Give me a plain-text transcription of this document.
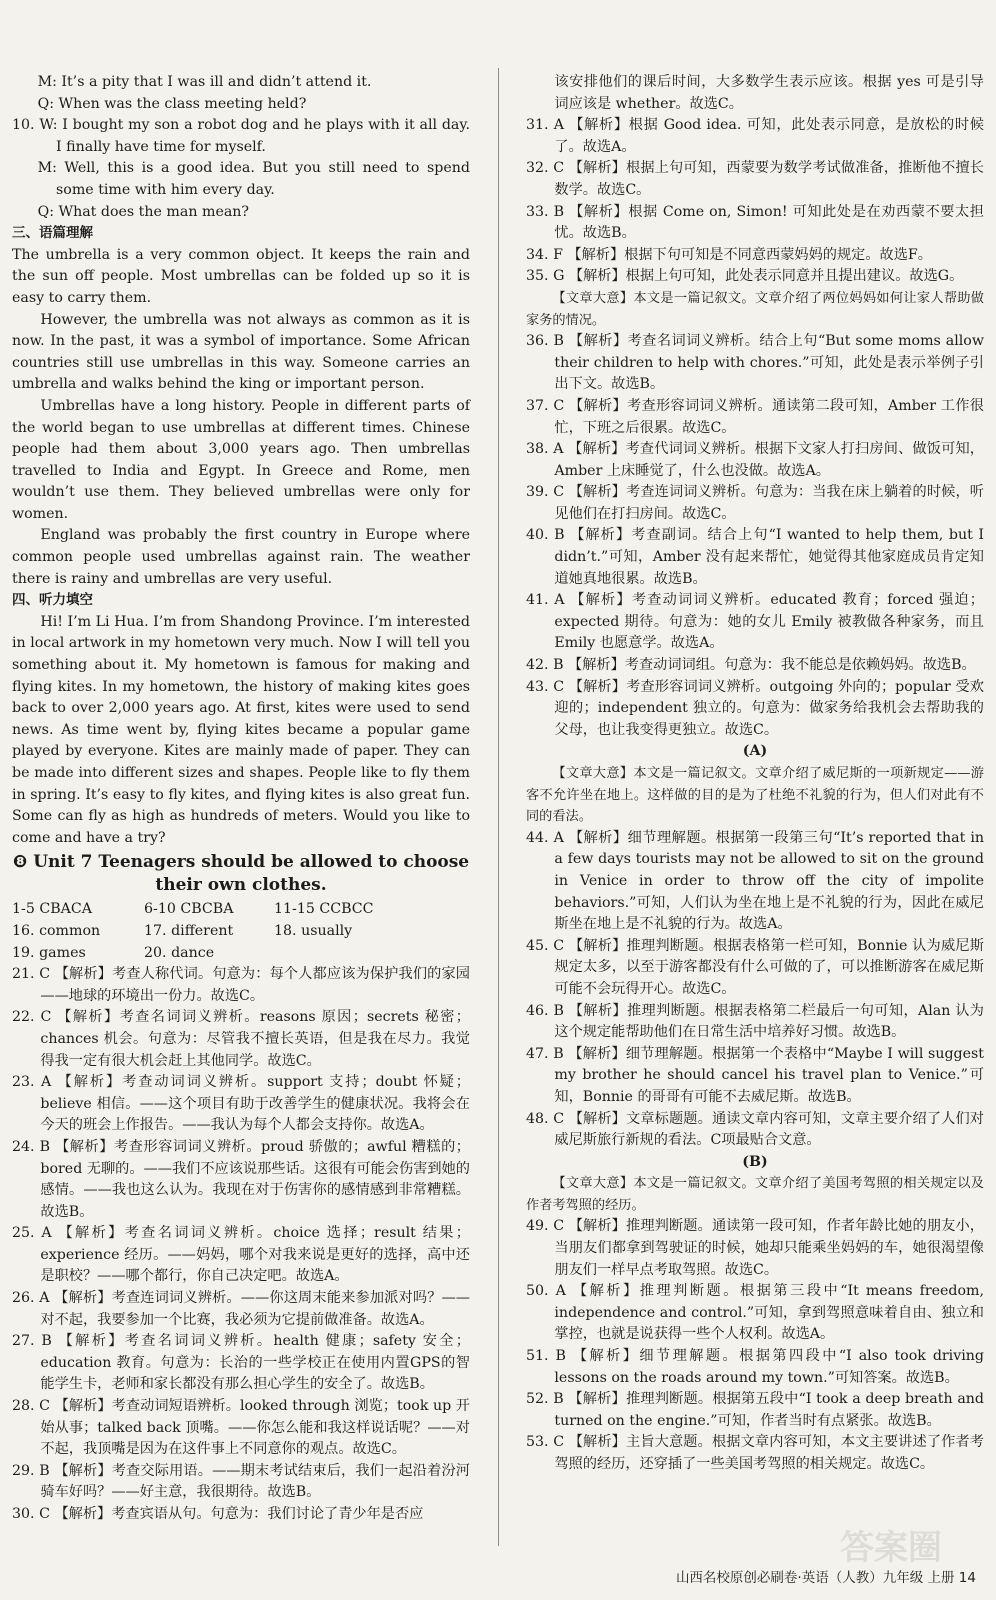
M: It’s a pity that I was ill and didn’t attend it.

Q: When was the class meeting held?

10. W: I bought my son a robot dog and he plays with it all day. I finally have time for myself.

M: Well, this is a good idea. But you still need to spend some time with him every day.

Q: What does the man mean?

三、语篇理解

The umbrella is a very common object. It keeps the rain and the sun off people. Most umbrellas can be folded up so it is easy to carry them.

However, the umbrella was not always as common as it is now. In the past, it was a symbol of importance. Some African countries still use umbrellas in this way. Someone carries an umbrella and walks behind the king or important person.

Umbrellas have a long history. People in different parts of the world began to use umbrellas at different times. Chinese people had them about 3,000 years ago. Then umbrellas travelled to India and Egypt. In Greece and Rome, men wouldn’t use them. They believed umbrellas were only for women.

England was probably the first country in Europe where common people used umbrellas against rain. The weather there is rainy and umbrellas are very useful.

四、听力填空

Hi! I’m Li Hua. I’m from Shandong Province. I’m interested in local artwork in my hometown very much. Now I will tell you something about it. My hometown is famous for making and flying kites. In my hometown, the history of making kites goes back to over 2,000 years ago. At first, kites were used to send news. As time went by, flying kites became a popular game played by everyone. Kites are mainly made of paper. They can be made into different sizes and shapes. People like to fly them in spring. It’s easy to fly kites, and flying kites is also great fun. Some can fly as high as hundreds of meters. Would you like to come and have a try?

❽ Unit 7 Teenagers should be allowed to choose their own clothes.
1-5 CBACA	6-10 CBCBA	11-15 CCBCC
16. common	17. different	18. usually
19. games	20. dance

21. C 【解析】考查人称代词。句意为：每个人都应该为保护我们的家园——地球的环境出一份力。故选C。

22. C 【解析】考查名词词义辨析。reasons 原因；secrets 秘密；chances 机会。句意为：尽管我不擅长英语，但是我在尽力。我觉得我一定有很大机会赶上其他同学。故选C。

23. A 【解析】考查动词词义辨析。support 支持；doubt 怀疑；believe 相信。——这个项目有助于改善学生的健康状况。我将会在今天的班会上作报告。——我认为每个人都会支持你。故选A。

24. B 【解析】考查形容词词义辨析。proud 骄傲的；awful 糟糕的；bored 无聊的。——我们不应该说那些话。这很有可能会伤害到她的感情。——我也这么认为。我现在对于伤害你的感情感到非常糟糕。故选B。

25. A 【解析】考查名词词义辨析。choice 选择；result 结果；experience 经历。——妈妈，哪个对我来说是更好的选择，高中还是职校？——哪个都行，你自己决定吧。故选A。

26. A 【解析】考查连词词义辨析。——你这周末能来参加派对吗？——对不起，我要参加一个比赛，我必须为它提前做准备。故选A。

27. B 【解析】考查名词词义辨析。health 健康；safety 安全；education 教育。句意为：长治的一些学校正在使用内置GPS的智能学生卡，老师和家长都没有那么担心学生的安全了。故选B。

28. C 【解析】考查动词短语辨析。looked through 浏览；took up 开始从事；talked back 顶嘴。——你怎么能和我这样说话呢？——对不起，我顶嘴是因为在这件事上不同意你的观点。故选C。

29. B 【解析】考查交际用语。——期末考试结束后，我们一起沿着汾河骑车好吗？——好主意，我很期待。故选B。

30. C 【解析】考查宾语从句。句意为：我们讨论了青少年是否应

该安排他们的课后时间，大多数学生表示应该。根据 yes 可是引导词应该是 whether。故选C。

31. A 【解析】根据 Good idea. 可知，此处表示同意，是放松的时候了。故选A。

32. C 【解析】根据上句可知，西蒙要为数学考试做准备，推断他不擅长数学。故选C。

33. B 【解析】根据 Come on, Simon! 可知此处是在劝西蒙不要太担忧。故选B。

34. F 【解析】根据下句可知是不同意西蒙妈妈的规定。故选F。

35. G 【解析】根据上句可知，此处表示同意并且提出建议。故选G。

【文章大意】本文是一篇记叙文。文章介绍了两位妈妈如何让家人帮助做家务的情况。

36. B 【解析】考查名词词义辨析。结合上句“But some moms allow their children to help with chores.”可知，此处是表示举例子引出下文。故选B。

37. C 【解析】考查形容词词义辨析。通读第二段可知，Amber 工作很忙，下班之后很累。故选C。

38. A 【解析】考查代词词义辨析。根据下文家人打扫房间、做饭可知，Amber 上床睡觉了，什么也没做。故选A。

39. C 【解析】考查连词词义辨析。句意为：当我在床上躺着的时候，听见他们在打扫房间。故选C。

40. B 【解析】考查副词。结合上句“I wanted to help them, but I didn’t.”可知，Amber 没有起来帮忙，她觉得其他家庭成员肯定知道她真地很累。故选B。

41. A 【解析】考查动词词义辨析。educated 教育；forced 强迫；expected 期待。句意为：她的女儿 Emily 被教做各种家务，而且 Emily 也愿意学。故选A。

42. B 【解析】考查动词词组。句意为：我不能总是依赖妈妈。故选B。

43. C 【解析】考查形容词词义辨析。outgoing 外向的；popular 受欢迎的；independent 独立的。句意为：做家务给我机会去帮助我的父母，也让我变得更独立。故选C。

(A)

【文章大意】本文是一篇记叙文。文章介绍了威尼斯的一项新规定——游客不允许坐在地上。这样做的目的是为了杜绝不礼貌的行为，但人们对此有不同的看法。

44. A 【解析】细节理解题。根据第一段第三句“It’s reported that in a few days tourists may not be allowed to sit on the ground in Venice in order to throw off the city of impolite behaviors.”可知，人们认为坐在地上是不礼貌的行为，因此在威尼斯坐在地上是不礼貌的行为。故选A。

45. C 【解析】推理判断题。根据表格第一栏可知，Bonnie 认为威尼斯规定太多，以至于游客都没有什么可做的了，可以推断游客在威尼斯可能不会玩得开心。故选C。

46. B 【解析】推理判断题。根据表格第二栏最后一句可知，Alan 认为这个规定能帮助他们在日常生活中培养好习惯。故选B。

47. B 【解析】细节理解题。根据第一个表格中“Maybe I will suggest my brother he should cancel his travel plan to Venice.”可知，Bonnie 的哥哥有可能不去威尼斯。故选B。

48. C 【解析】文章标题题。通读文章内容可知，文章主要介绍了人们对威尼斯旅行新规的看法。C项最贴合文意。

(B)

【文章大意】本文是一篇记叙文。文章介绍了美国考驾照的相关规定以及作者考驾照的经历。

49. C 【解析】推理判断题。通读第一段可知，作者年龄比她的朋友小，当朋友们都拿到驾驶证的时候，她却只能乘坐妈妈的车，她很渴望像朋友们一样早点考取驾照。故选C。

50. A 【解析】推理判断题。根据第三段中“It means freedom, independence and control.”可知，拿到驾照意味着自由、独立和掌控，也就是说获得一些个人权利。故选A。

51. B 【解析】细节理解题。根据第四段中“I also took driving lessons on the roads around my town.”可知答案。故选B。

52. B 【解析】推理判断题。根据第五段中“I took a deep breath and turned on the engine.”可知，作者当时有点紧张。故选B。

53. C 【解析】主旨大意题。根据文章内容可知，本文主要讲述了作者考驾照的经历，还穿插了一些美国考驾照的相关规定。故选C。

山西名校原创必刷卷·英语（人教）九年级 上册 14
答案圈
